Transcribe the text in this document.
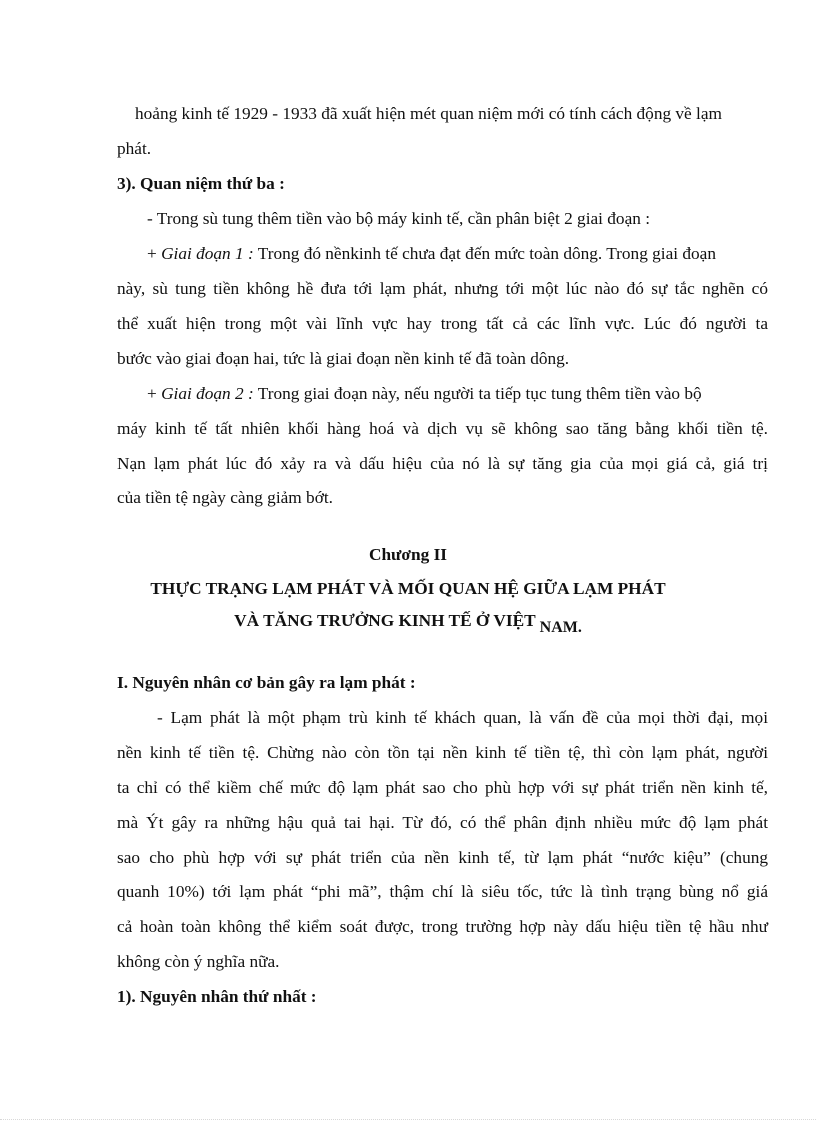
hoảng kinh tế 1929 - 1933 đã xuất hiện mét quan niệm mới có tính cách động về lạm
phát.
3). Quan niệm thứ ba :
- Trong sù tung thêm tiền vào bộ máy kinh tế, cần phân biệt 2 giai đoạn :
+ Giai đoạn 1 : Trong đó nềnkinh tế chưa đạt đến mức toàn dông. Trong giai đoạn
này, sù tung tiền không hề đưa tới lạm phát, nhưng tới một lúc nào đó sự tắc nghẽn có
thể xuất hiện trong một vài lĩnh vực hay trong tất cả các lĩnh vực. Lúc đó người ta
bước vào giai đoạn hai, tức là giai đoạn nền kinh tế đã toàn dông.
+ Giai đoạn 2 : Trong giai đoạn này, nếu người ta tiếp tục tung thêm tiền vào bộ
máy kinh tế tất nhiên khối hàng hoá và dịch vụ sẽ không sao tăng bằng khối tiền tệ.
Nạn lạm phát lúc đó xảy ra và dấu hiệu của nó là sự tăng gia của mọi giá cả, giá trị
của tiền tệ ngày càng giảm bớt.
Chương II
THỰC TRẠNG LẠM PHÁT VÀ MỐI QUAN HỆ GIỮA LẠM PHÁT
VÀ TĂNG TRƯỞNG KINH TẾ Ở VIỆT NAM.
I. Nguyên nhân cơ bản gây ra lạm phát :
- Lạm phát là một phạm trù kinh tế khách quan, là vấn đề của mọi thời đại, mọi
nền kinh tế tiền tệ. Chừng nào còn tồn tại nền kinh tế tiền tệ, thì còn lạm phát, người
ta chỉ có thể kiềm chế mức độ lạm phát sao cho phù hợp với sự phát triển nền kinh tế,
mà Ýt gây ra những hậu quả tai hại. Từ đó, có thể phân định nhiều mức độ lạm phát
sao cho phù hợp với sự phát triển của nền kinh tế, từ lạm phát “nước kiệu” (chung
quanh 10%) tới lạm phát “phi mã”, thậm chí là siêu tốc, tức là tình trạng bùng nổ giá
cả hoàn toàn không thể kiểm soát được, trong trường hợp này dấu hiệu tiền tệ hầu như
không còn ý nghĩa nữa.
1). Nguyên nhân thứ nhất :
